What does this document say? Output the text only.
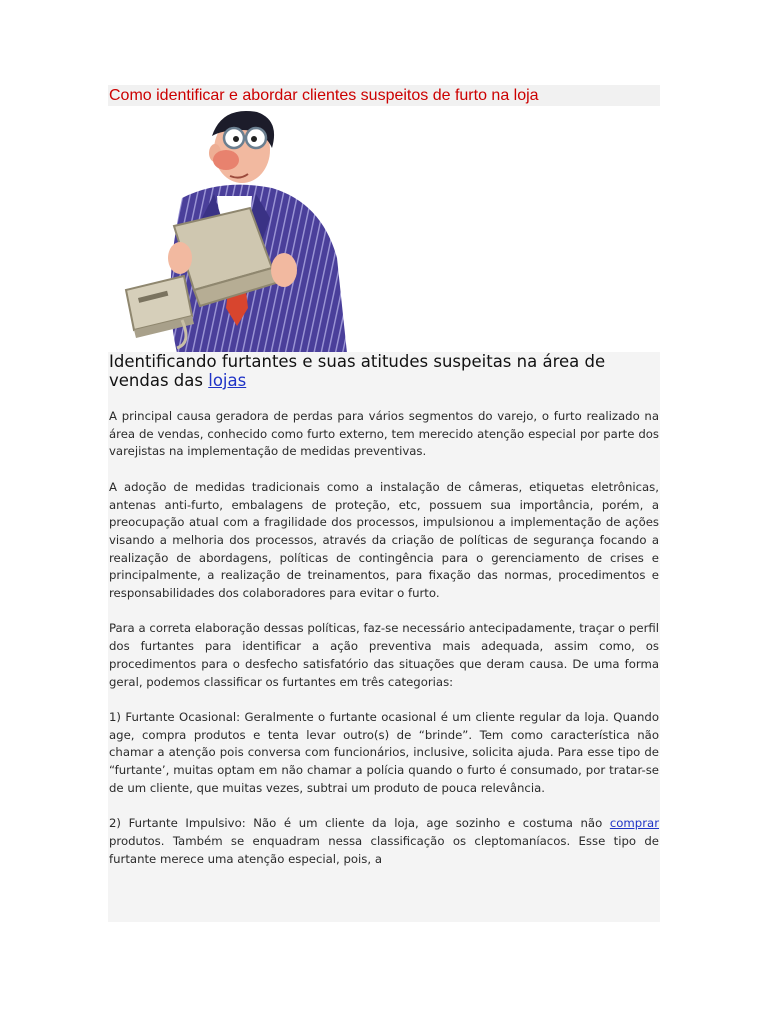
Como identificar e abordar clientes suspeitos de furto na loja
Identificando furtantes e suas atitudes suspeitas na área de vendas das lojas

A principal causa geradora de perdas para vários segmentos do varejo, o furto realizado na área de vendas, conhecido como furto externo, tem merecido atenção especial por parte dos varejistas na implementação de medidas preventivas.

A adoção de medidas tradicionais como a instalação de câmeras, etiquetas eletrônicas, antenas anti-furto, embalagens de proteção, etc, possuem sua importância, porém, a preocupação atual com a fragilidade dos processos, impulsionou a implementação de ações visando a melhoria dos processos, através da criação de políticas de segurança focando a realização de abordagens, políticas de contingência para o gerenciamento de crises e principalmente, a realização de treinamentos, para fixação das normas, procedimentos e responsabilidades dos colaboradores para evitar o furto.

Para a correta elaboração dessas políticas, faz-se necessário antecipadamente, traçar o perfil dos furtantes para identificar a ação preventiva mais adequada, assim como, os procedimentos para o desfecho satisfatório das situações que deram causa. De uma forma geral, podemos classificar os furtantes em três categorias:

1) Furtante Ocasional: Geralmente o furtante ocasional é um cliente regular da loja. Quando age, compra produtos e tenta levar outro(s) de “brinde”. Tem como característica não chamar a atenção pois conversa com funcionários, inclusive, solicita ajuda. Para esse tipo de “furtante’, muitas optam em não chamar a polícia quando o furto é consumado, por tratar-se de um cliente, que muitas vezes, subtrai um produto de pouca relevância.

2) Furtante Impulsivo: Não é um cliente da loja, age sozinho e costuma não comprar produtos. Também se enquadram nessa classificação os cleptomaníacos. Esse tipo de furtante merece uma atenção especial, pois, a
